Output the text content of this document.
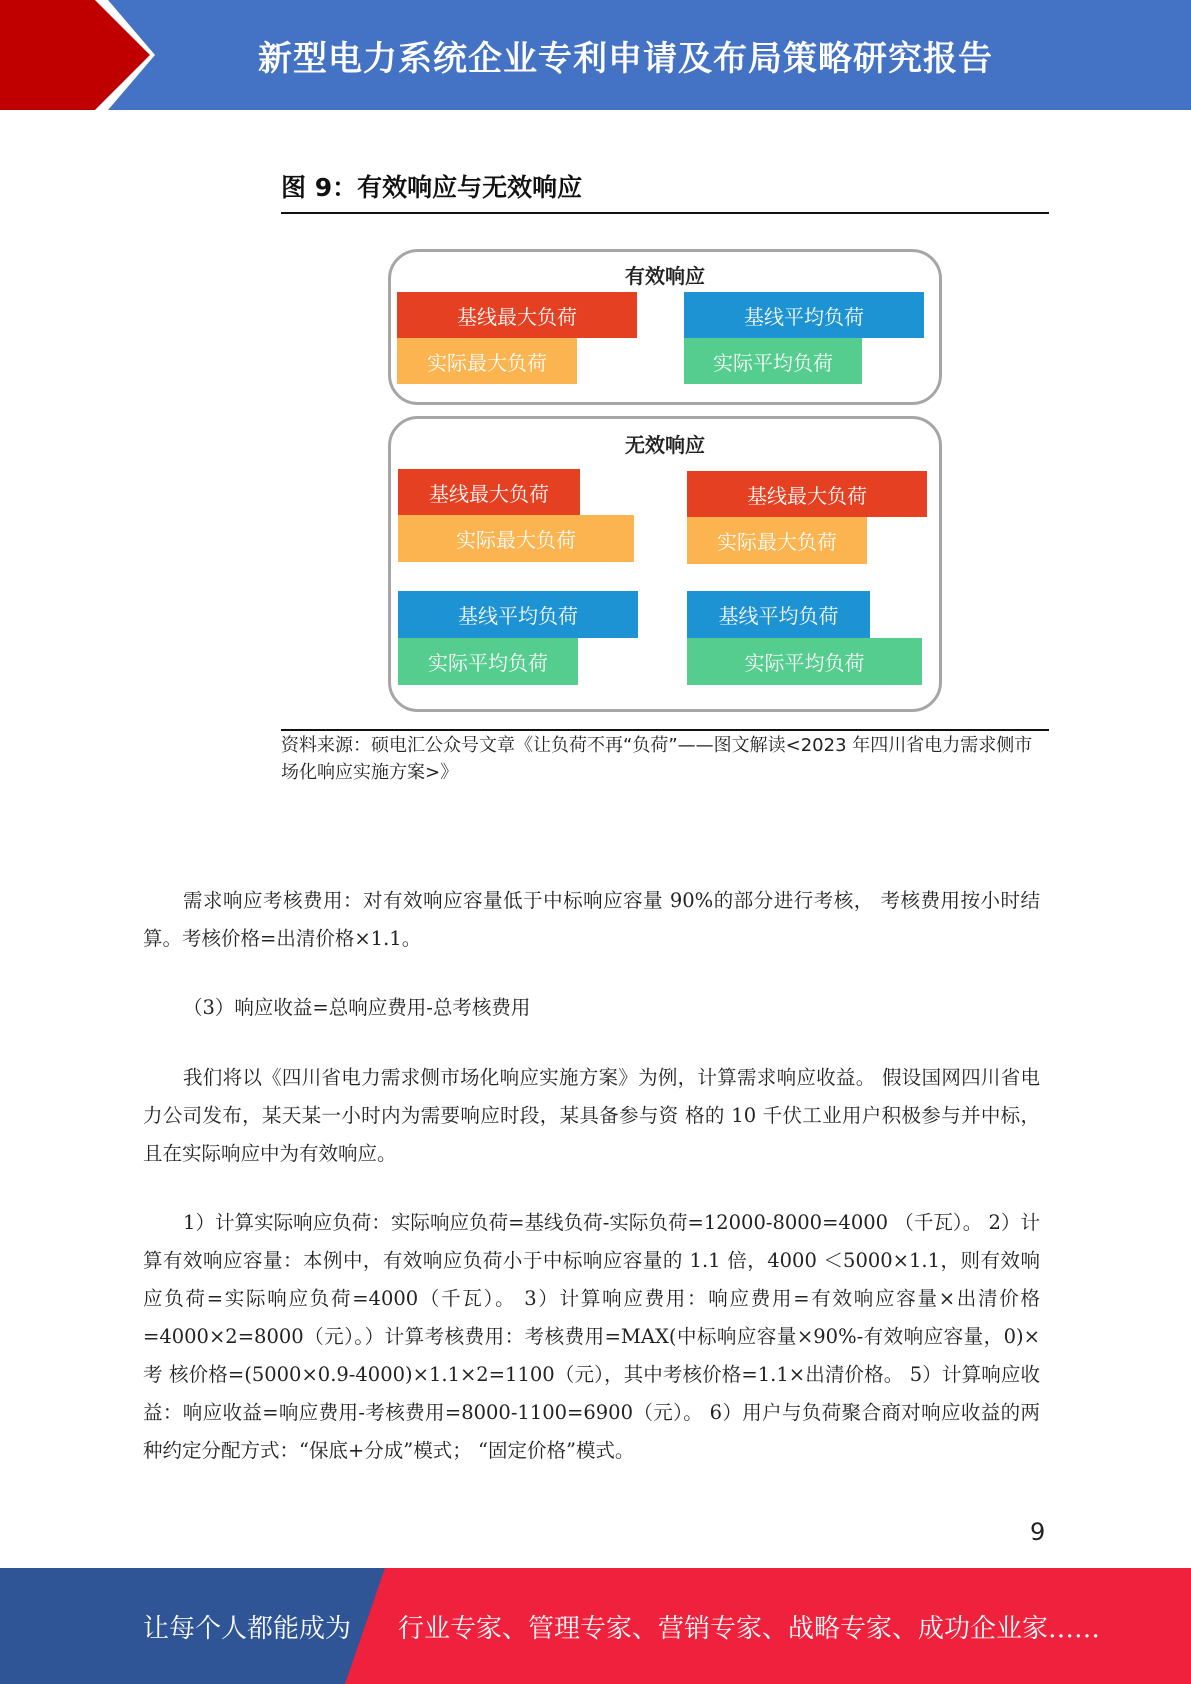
新型电力系统企业专利申请及布局策略研究报告
图 9：有效响应与无效响应
有效响应
基线最大负荷
实际最大负荷
基线平均负荷
实际平均负荷
无效响应
基线最大负荷
实际最大负荷
基线最大负荷
实际最大负荷
基线平均负荷
实际平均负荷
基线平均负荷
实际平均负荷
资料来源：硕电汇公众号文章《让负荷不再“负荷”——图文解读<2023 年四川省电力需求侧市场化响应实施方案>》
需求响应考核费用：对有效响应容量低于中标响应容量 90%的部分进行考核， 考核费用按小时结算。考核价格=出清价格×1.1。
（3）响应收益=总响应费用-总考核费用
我们将以《四川省电力需求侧市场化响应实施方案》为例，计算需求响应收益。 假设国网四川省电力公司发布，某天某一小时内为需要响应时段，某具备参与资 格的 10 千伏工业用户积极参与并中标，且在实际响应中为有效响应。
1）计算实际响应负荷：实际响应负荷=基线负荷-实际负荷=12000-8000=4000 （千瓦）。 2）计算有效响应容量：本例中，有效响应负荷小于中标响应容量的 1.1 倍，4000 ＜5000×1.1，则有效响应负荷=实际响应负荷=4000（千瓦）。 3）计算响应费用：响应费用=有效响应容量×出清价格=4000×2=8000（元）。）计算考核费用：考核费用=MAX(中标响应容量×90%-有效响应容量，0)×考 核价格=(5000×0.9-4000)×1.1×2=1100（元），其中考核价格=1.1×出清价格。 5）计算响应收益：响应收益=响应费用-考核费用=8000-1100=6900（元）。 6）用户与负荷聚合商对响应收益的两种约定分配方式：“保底+分成”模式； “固定价格”模式。
9
让每个人都能成为 行业专家、管理专家、营销专家、战略专家、成功企业家……
